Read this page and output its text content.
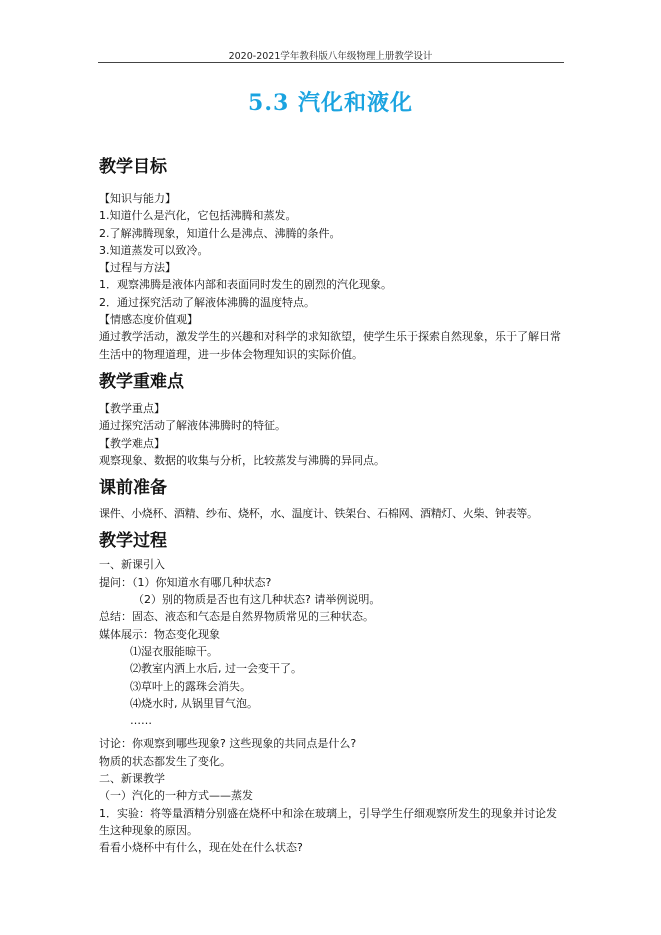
2020-2021学年教科版八年级物理上册教学设计
5.3 汽化和液化
教学目标
【知识与能力】
1.知道什么是汽化，它包括沸腾和蒸发。
2.了解沸腾现象，知道什么是沸点、沸腾的条件。
3.知道蒸发可以致冷。
【过程与方法】
1．观察沸腾是液体内部和表面同时发生的剧烈的汽化现象。
2．通过探究活动了解液体沸腾的温度特点。
【情感态度价值观】
通过教学活动，激发学生的兴趣和对科学的求知欲望，使学生乐于探索自然现象，乐于了解日常生活中的物理道理，进一步体会物理知识的实际价值。
教学重难点
【教学重点】
通过探究活动了解液体沸腾时的特征。
【教学难点】
观察现象、数据的收集与分析，比较蒸发与沸腾的异同点。
课前准备
课件、小烧杯、酒精、纱布、烧杯，水、温度计、铁架台、石棉网、酒精灯、火柴、钟表等。
教学过程
一、新课引入
提问：（1）你知道水有哪几种状态?
（2）别的物质是否也有这几种状态? 请举例说明。
总结：固态、液态和气态是自然界物质常见的三种状态。
媒体展示：物态变化现象
⑴湿衣服能晾干。
⑵教室内洒上水后, 过一会变干了。
⑶草叶上的露珠会消失。
⑷烧水时, 从锅里冒气泡。
……
讨论：你观察到哪些现象? 这些现象的共同点是什么?
物质的状态都发生了变化。
二、新课教学
（一）汽化的一种方式——蒸发
1．实验：将等量酒精分别盛在烧杯中和涂在玻璃上，引导学生仔细观察所发生的现象并讨论发生这种现象的原因。
看看小烧杯中有什么，现在处在什么状态?
